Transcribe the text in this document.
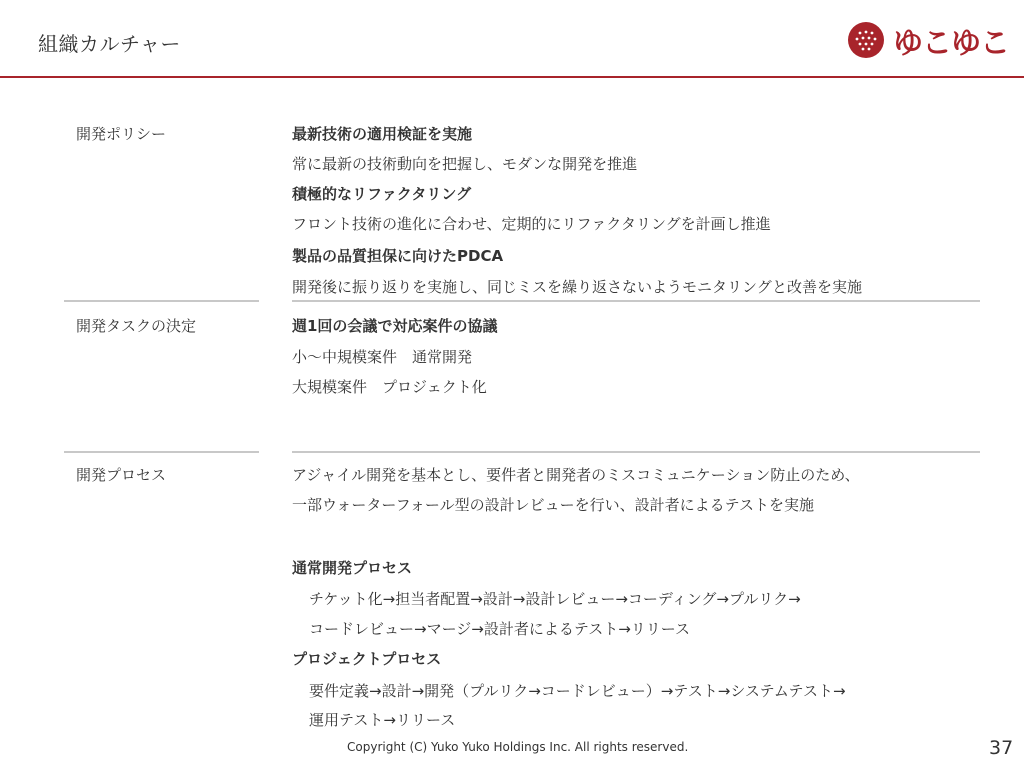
組織カルチャー	ゆこゆこ
開発ポリシー	最新技術の適用検証を実施
常に最新の技術動向を把握し、モダンな開発を推進
積極的なリファクタリング
フロント技術の進化に合わせ、定期的にリファクタリングを計画し推進
製品の品質担保に向けたPDCA
開発後に振り返りを実施し、同じミスを繰り返さないようモニタリングと改善を実施
開発タスクの決定	週1回の会議で対応案件の協議
小～中規模案件　通常開発
大規模案件　プロジェクト化
開発プロセス	アジャイル開発を基本とし、要件者と開発者のミスコミュニケーション防止のため、
一部ウォーターフォール型の設計レビューを行い、設計者によるテストを実施
通常開発プロセス
チケット化→担当者配置→設計→設計レビュー→コーディング→プルリク→
コードレビュー→マージ→設計者によるテスト→リリース
プロジェクトプロセス
要件定義→設計→開発（プルリク→コードレビュー）→テスト→システムテスト→
運用テスト→リリース
Copyright (C) Yuko Yuko Holdings Inc. All rights reserved.	37
